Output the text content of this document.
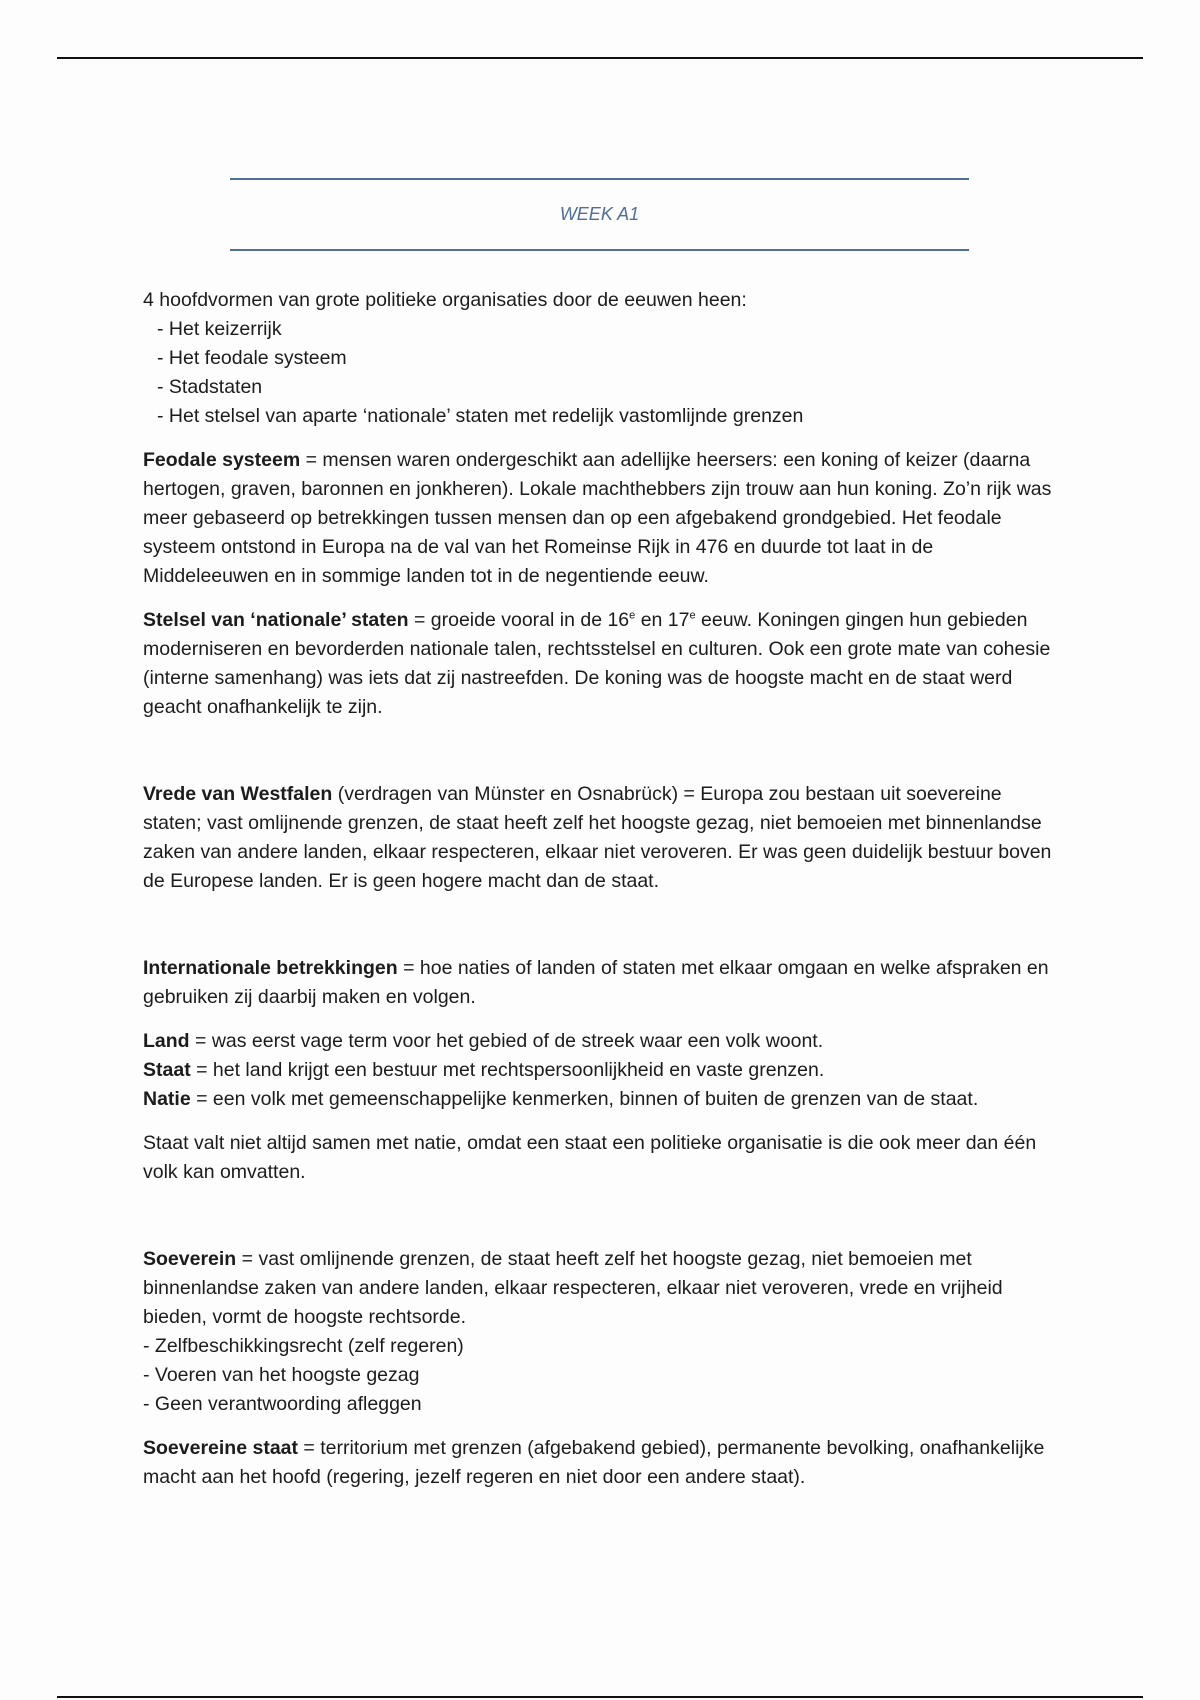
WEEK A1

4 hoofdvormen van grote politieke organisaties door de eeuwen heen:

- Het keizerrijk

- Het feodale systeem

- Stadstaten

- Het stelsel van aparte ‘nationale’ staten met redelijk vastomlijnde grenzen

Feodale systeem = mensen waren ondergeschikt aan adellijke heersers: een koning of keizer (daarna hertogen, graven, baronnen en jonkheren). Lokale machthebbers zijn trouw aan hun koning. Zo’n rijk was meer gebaseerd op betrekkingen tussen mensen dan op een afgebakend grondgebied. Het feodale systeem ontstond in Europa na de val van het Romeinse Rijk in 476 en duurde tot laat in de Middeleeuwen en in sommige landen tot in de negentiende eeuw.

Stelsel van ‘nationale’ staten = groeide vooral in de 16e en 17e eeuw. Koningen gingen hun gebieden moderniseren en bevorderden nationale talen, rechtsstelsel en culturen. Ook een grote mate van cohesie (interne samenhang) was iets dat zij nastreefden. De koning was de hoogste macht en de staat werd geacht onafhankelijk te zijn.

Vrede van Westfalen (verdragen van Münster en Osnabrück) = Europa zou bestaan uit soevereine staten; vast omlijnende grenzen, de staat heeft zelf het hoogste gezag, niet bemoeien met binnenlandse zaken van andere landen, elkaar respecteren, elkaar niet veroveren. Er was geen duidelijk bestuur boven de Europese landen. Er is geen hogere macht dan de staat.

Internationale betrekkingen = hoe naties of landen of staten met elkaar omgaan en welke afspraken en gebruiken zij daarbij maken en volgen.

Land = was eerst vage term voor het gebied of de streek waar een volk woont.

Staat = het land krijgt een bestuur met rechtspersoonlijkheid en vaste grenzen.

Natie = een volk met gemeenschappelijke kenmerken, binnen of buiten de grenzen van de staat.

Staat valt niet altijd samen met natie, omdat een staat een politieke organisatie is die ook meer dan één volk kan omvatten.

Soeverein = vast omlijnende grenzen, de staat heeft zelf het hoogste gezag, niet bemoeien met binnenlandse zaken van andere landen, elkaar respecteren, elkaar niet veroveren, vrede en vrijheid bieden, vormt de hoogste rechtsorde.

- Zelfbeschikkingsrecht (zelf regeren)

- Voeren van het hoogste gezag

- Geen verantwoording afleggen

Soevereine staat = territorium met grenzen (afgebakend gebied), permanente bevolking, onafhankelijke macht aan het hoofd (regering, jezelf regeren en niet door een andere staat).
